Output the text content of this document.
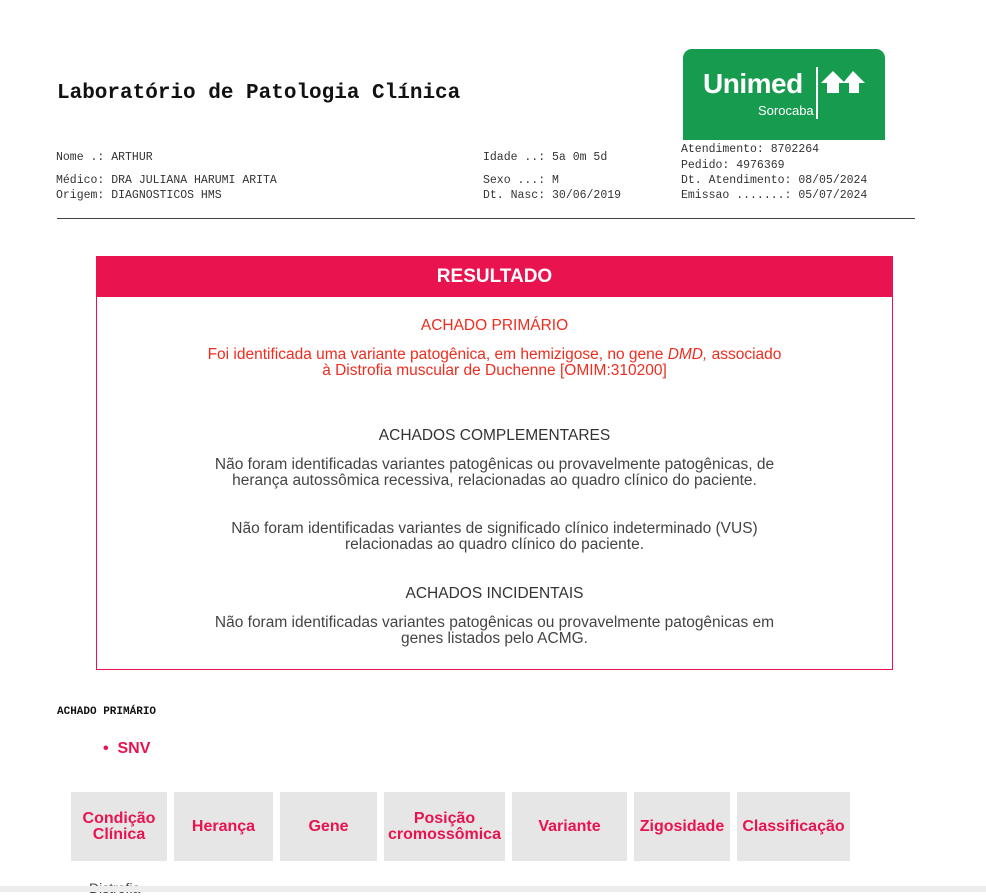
Laboratório de Patologia Clínica	Unimed
Sorocaba
Nome .: ARTHUR
Médico: DRA JULIANA HARUMI ARITA
Origem: DIAGNOSTICOS HMS
Idade ..: 5a 0m 5d
Sexo ...: M
Dt. Nasc: 30/06/2019
Atendimento: 8702264
Pedido: 4976369
Dt. Atendimento: 08/05/2024
Emissao .......: 05/07/2024
RESULTADO
ACHADO PRIMÁRIO
Foi identificada uma variante patogênica, em hemizigose, no gene DMD, associado
à Distrofia muscular de Duchenne [OMIM:310200]
ACHADOS COMPLEMENTARES
Não foram identificadas variantes patogênicas ou provavelmente patogênicas, de
herança autossômica recessiva, relacionadas ao quadro clínico do paciente.
Não foram identificadas variantes de significado clínico indeterminado (VUS)
relacionadas ao quadro clínico do paciente.
ACHADOS INCIDENTAIS
Não foram identificadas variantes patogênicas ou provavelmente patogênicas em
genes listados pelo ACMG.
ACHADO PRIMÁRIO
•  SNV
Condição Clínica	Herança	Gene	Posição cromossômica	Variante	Zigosidade	Classificação
